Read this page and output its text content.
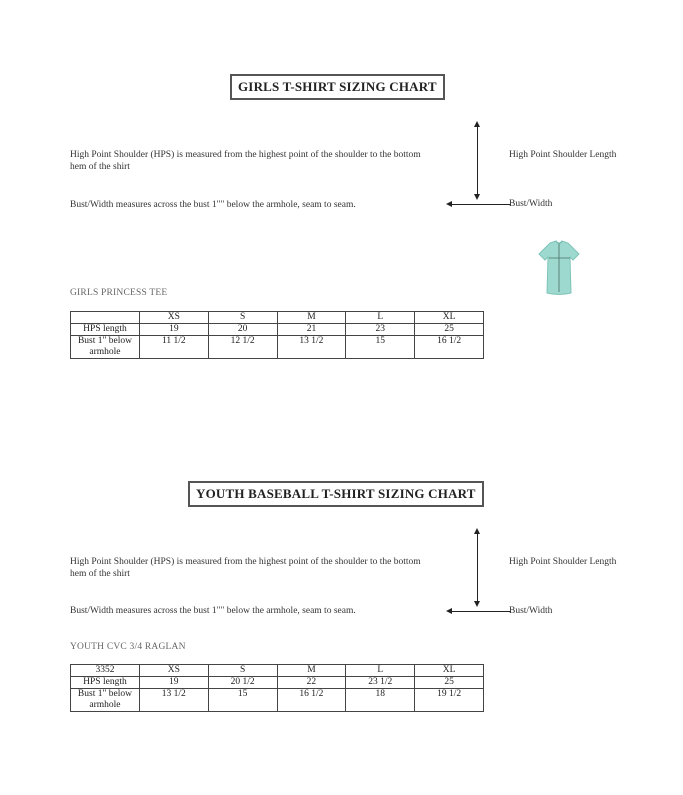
GIRLS T-SHIRT SIZING CHART
High Point Shoulder (HPS) is measured from the highest point of the shoulder to the bottom hem of the shirt
Bust/Width measures across the bust 1"" below the armhole, seam to seam.
High Point Shoulder Length
Bust/Width
GIRLS PRINCESS TEE
	XS	S	M	L	XL
HPS length	19	20	21	23	25
Bust 1" below armhole	11 1/2	12 1/2	13 1/2	15	16 1/2
YOUTH BASEBALL T-SHIRT SIZING CHART
High Point Shoulder (HPS) is measured from the highest point of the shoulder to the bottom hem of the shirt
Bust/Width measures across the bust 1"" below the armhole, seam to seam.
High Point Shoulder Length
Bust/Width
YOUTH CVC 3/4 RAGLAN
3352	XS	S	M	L	XL
HPS length	19	20 1/2	22	23 1/2	25
Bust 1" below armhole	13 1/2	15	16 1/2	18	19 1/2
